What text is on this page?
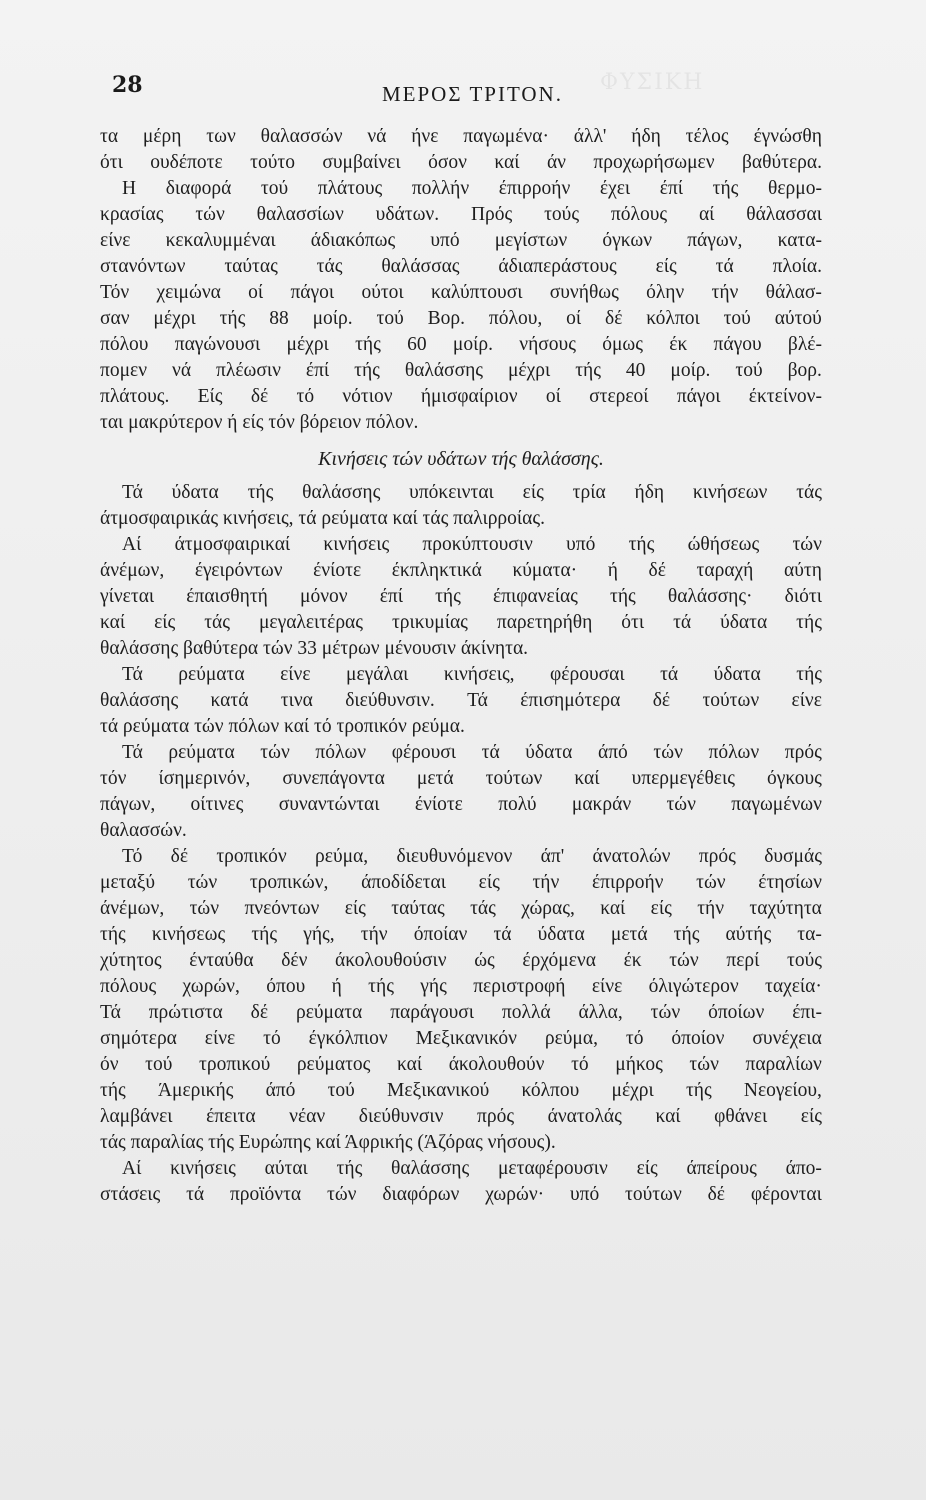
ΦΥΣΙΚΗ
28	ΜΕΡΟΣ ΤΡΙΤΟΝ.
τα μέρη των θαλασσών νά ήνε παγωμένα· άλλ' ήδη τέλος έγνώσθη
ότι ουδέποτε τούτο συμβαίνει όσον καί άν προχωρήσωμεν βαθύτερα.
Η διαφορά τού πλάτους πολλήν έπιρροήν έχει έπί τής θερμο-
κρασίας τών θαλασσίων υδάτων. Πρός τούς πόλους αί θάλασσαι
είνε κεκαλυμμέναι άδιακόπως υπό μεγίστων όγκων πάγων, κατα-
στανόντων ταύτας τάς θαλάσσας άδιαπεράστους είς τά πλοία.
Τόν χειμώνα οί πάγοι ούτοι καλύπτουσι συνήθως όλην τήν θάλασ-
σαν μέχρι τής 88 μοίρ. τού Βορ. πόλου, οί δέ κόλποι τού αύτού
πόλου παγώνουσι μέχρι τής 60 μοίρ. νήσους όμως έκ πάγου βλέ-
πομεν νά πλέωσιν έπί τής θαλάσσης μέχρι τής 40 μοίρ. τού βορ.
πλάτους. Είς δέ τό νότιον ήμισφαίριον οί στερεοί πάγοι έκτείνον-
ται μακρύτερον ή είς τόν βόρειον πόλον.
Κινήσεις τών υδάτων τής θαλάσσης.
Τά ύδατα τής θαλάσσης υπόκεινται είς τρία ήδη κινήσεων τάς
άτμοσφαιρικάς κινήσεις, τά ρεύματα καί τάς παλιρροίας.
Αί άτμοσφαιρικαί κινήσεις προκύπτουσιν υπό τής ώθήσεως τών
άνέμων, έγειρόντων ένίοτε έκπληκτικά κύματα· ή δέ ταραχή αύτη
γίνεται έπαισθητή μόνον έπί τής έπιφανείας τής θαλάσσης· διότι
καί είς τάς μεγαλειτέρας τρικυμίας παρετηρήθη ότι τά ύδατα τής
θαλάσσης βαθύτερα τών 33 μέτρων μένουσιν άκίνητα.
Τά ρεύματα είνε μεγάλαι κινήσεις, φέρουσαι τά ύδατα τής
θαλάσσης κατά τινα διεύθυνσιν. Τά έπισημότερα δέ τούτων είνε
τά ρεύματα τών πόλων καί τό τροπικόν ρεύμα.
Τά ρεύματα τών πόλων φέρουσι τά ύδατα άπό τών πόλων πρός
τόν ίσημερινόν, συνεπάγοντα μετά τούτων καί υπερμεγέθεις όγκους
πάγων, οίτινες συναντώνται ένίοτε πολύ μακράν τών παγωμένων
θαλασσών.
Τό δέ τροπικόν ρεύμα, διευθυνόμενον άπ' άνατολών πρός δυσμάς
μεταξύ τών τροπικών, άποδίδεται είς τήν έπιρροήν τών έτησίων
άνέμων, τών πνεόντων είς ταύτας τάς χώρας, καί είς τήν ταχύτητα
τής κινήσεως τής γής, τήν όποίαν τά ύδατα μετά τής αύτής τα-
χύτητος ένταύθα δέν άκολουθούσιν ώς έρχόμενα έκ τών περί τούς
πόλους χωρών, όπου ή τής γής περιστροφή είνε όλιγώτερον ταχεία·
Τά πρώτιστα δέ ρεύματα παράγουσι πολλά άλλα, τών όποίων έπι-
σημότερα είνε τό έγκόλπιον Μεξικανικόν ρεύμα, τό όποίον συνέχεια
όν τού τροπικού ρεύματος καί άκολουθούν τό μήκος τών παραλίων
τής Άμερικής άπό τού Μεξικανικού κόλπου μέχρι τής Νεογείου,
λαμβάνει έπειτα νέαν διεύθυνσιν πρός άνατολάς καί φθάνει είς
τάς παραλίας τής Ευρώπης καί Άφρικής (Άζόρας νήσους).
Αί κινήσεις αύται τής θαλάσσης μεταφέρουσιν είς άπείρους άπο-
στάσεις τά προϊόντα τών διαφόρων χωρών· υπό τούτων δέ φέρονται
